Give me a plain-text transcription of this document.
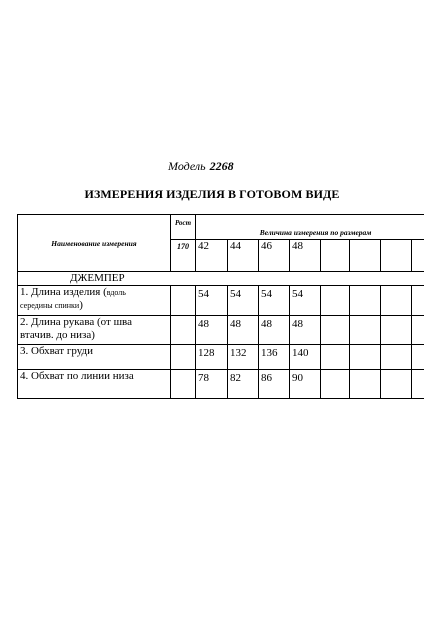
Модель 2268
ИЗМЕРЕНИЯ ИЗДЕЛИЯ В ГОТОВОМ ВИДЕ
Наименование измерения	Рост	Величина измерения по размерам							
	170	42	44	46	48				
ДЖЕМПЕР									
1. Длина изделия (вдоль
середины спинки)		54	54	54	54				
2. Длина рукава (от шва
втачив. до низа)		48	48	48	48				
3. Обхват груди		128	132	136	140				
4. Обхват по линии низа		78	82	86	90				
